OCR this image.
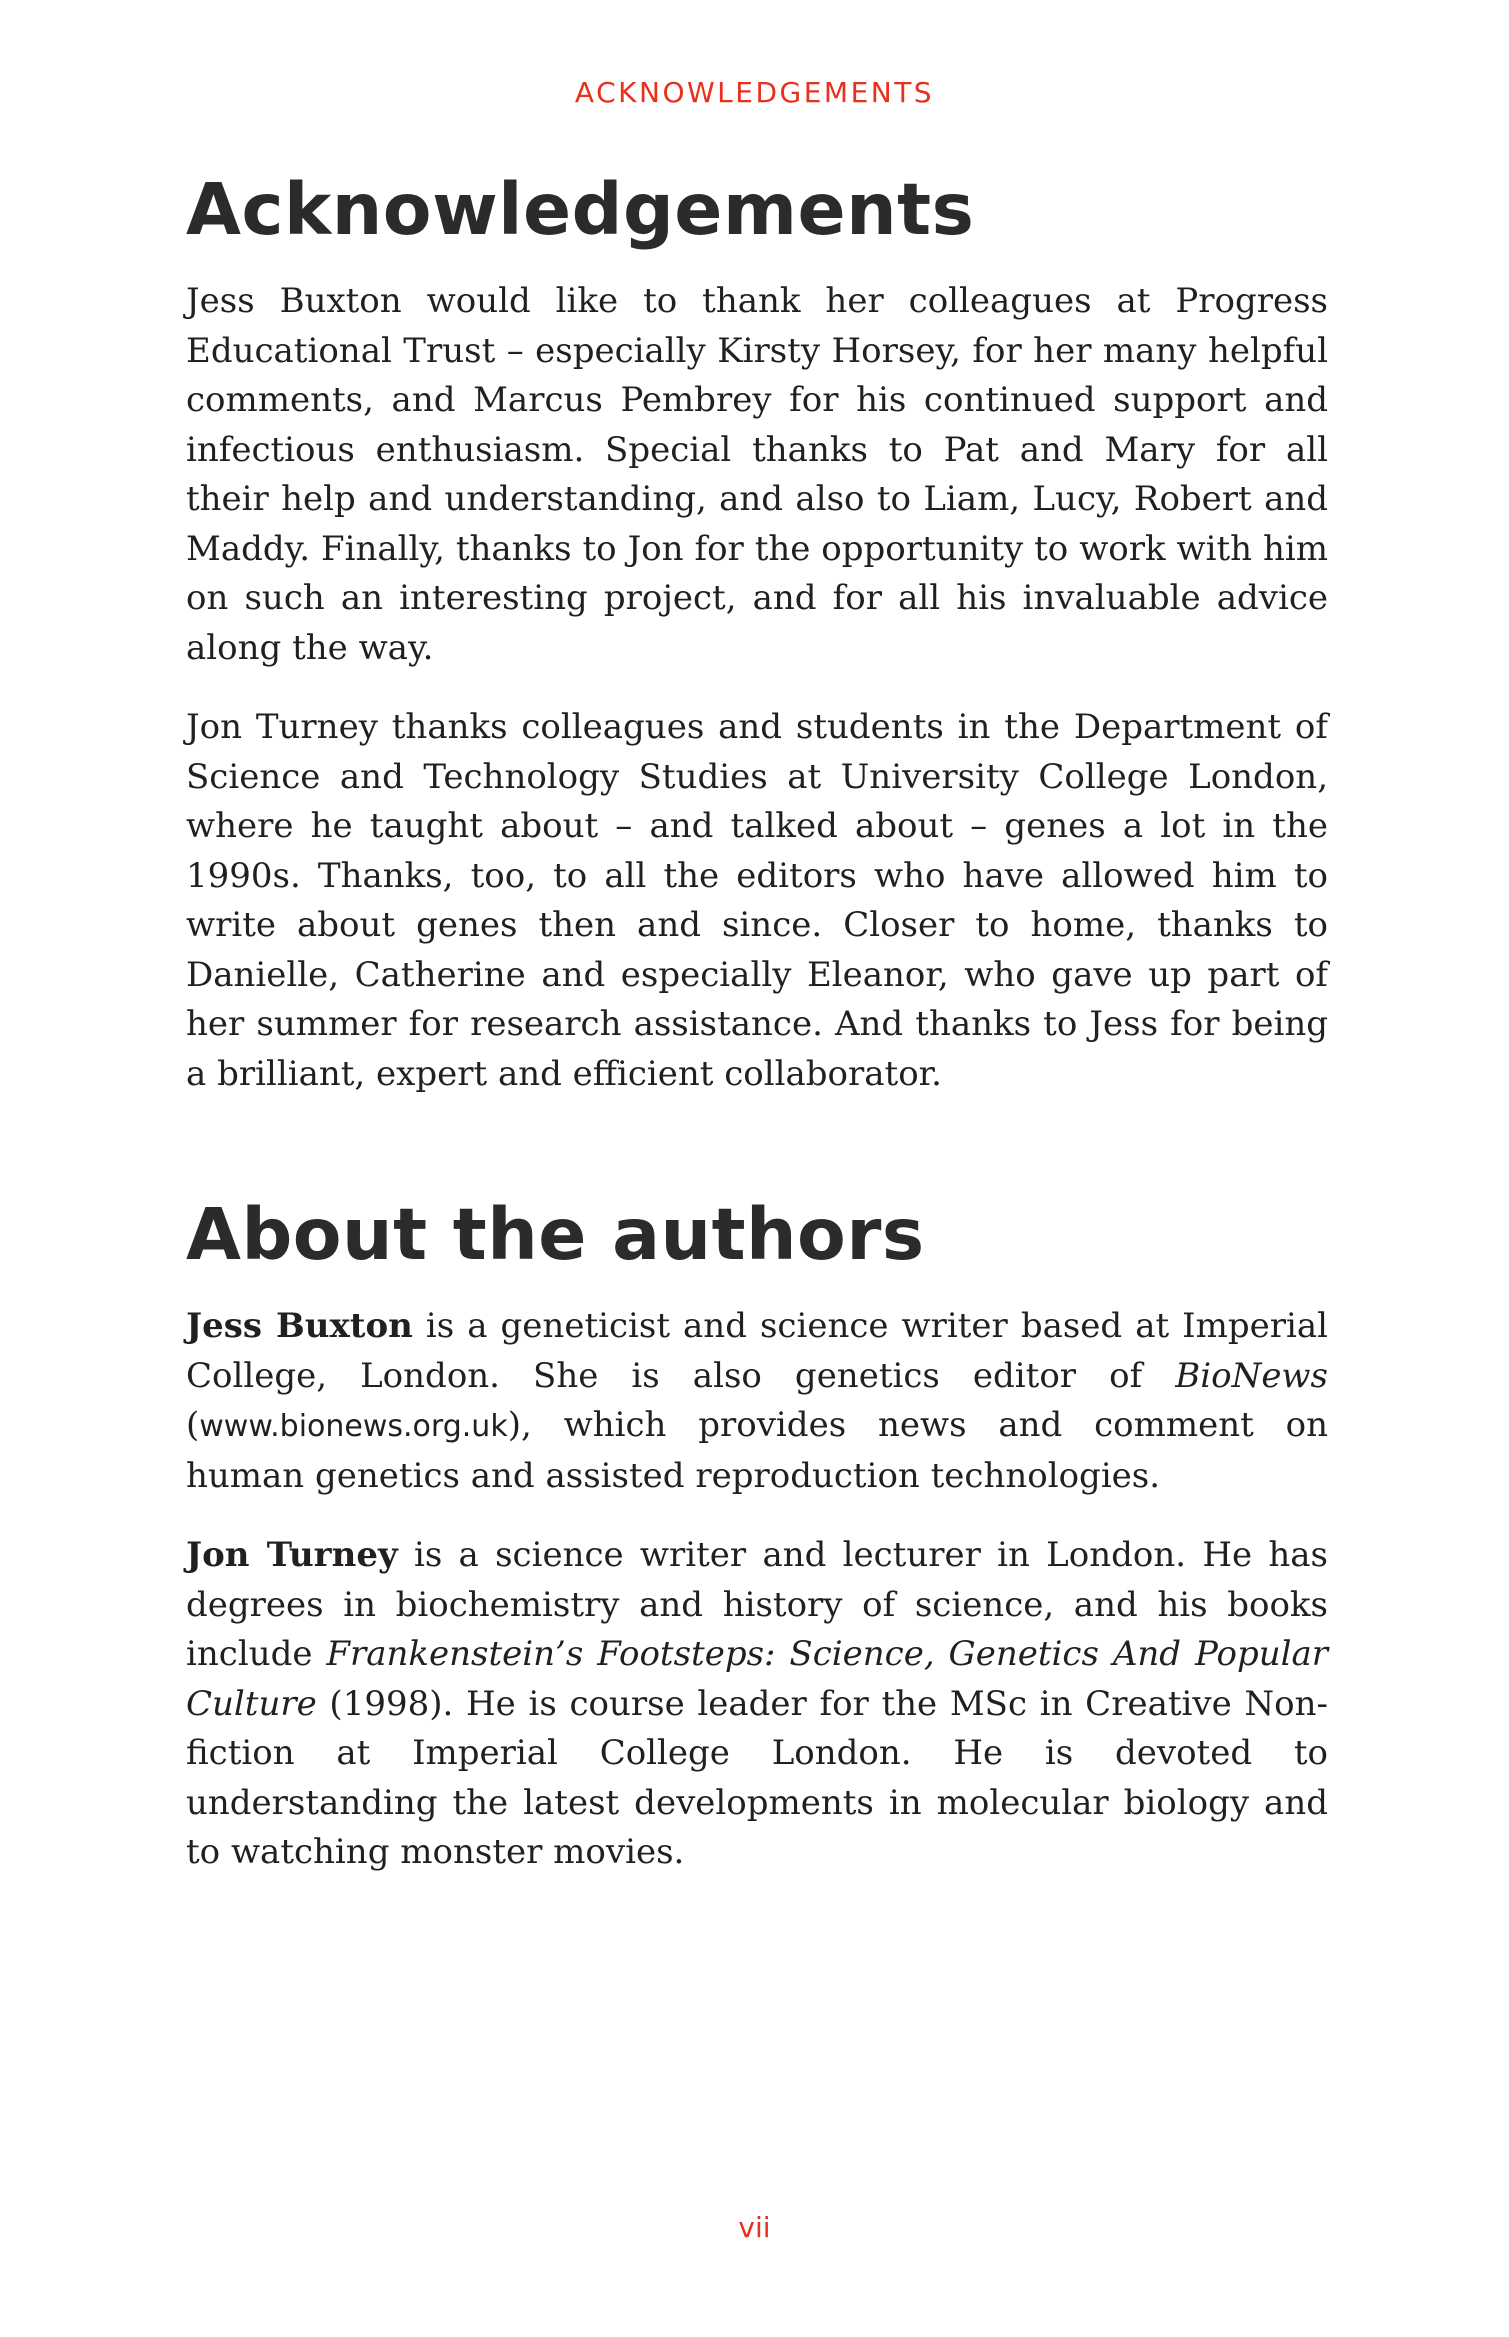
ACKNOWLEDGEMENTS
Acknowledgements

Jess Buxton would like to thank her colleagues at Progress Educational Trust – especially Kirsty Horsey, for her many helpful comments, and Marcus Pembrey for his continued support and infectious enthusiasm. Special thanks to Pat and Mary for all their help and understanding, and also to Liam, Lucy, Robert and Maddy. Finally, thanks to Jon for the opportunity to work with him on such an interesting project, and for all his invaluable advice along the way.

Jon Turney thanks colleagues and students in the Department of Science and Technology Studies at University College London, where he taught about – and talked about – genes a lot in the 1990s. Thanks, too, to all the editors who have allowed him to write about genes then and since. Closer to home, thanks to Danielle, Catherine and especially Eleanor, who gave up part of her summer for research assistance. And thanks to Jess for being a brilliant, expert and efficient collaborator.

About the authors

Jess Buxton is a geneticist and science writer based at Imperial College, London. She is also genetics editor of BioNews (www.bionews.org.uk), which provides news and comment on human genetics and assisted reproduction technologies.

Jon Turney is a science writer and lecturer in London. He has degrees in biochemistry and history of science, and his books include Frankenstein’s Footsteps: Science, Genetics And Popular Culture (1998). He is course leader for the MSc in Creative Non-fiction at Imperial College London. He is devoted to understanding the latest developments in molecular biology and to watching monster movies.

vii
